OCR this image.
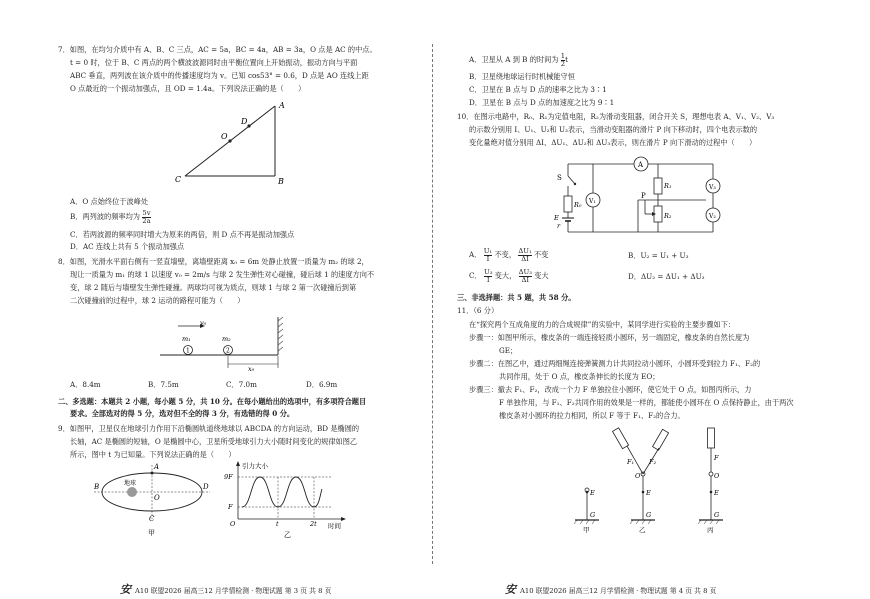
7．如图，在均匀介质中有 A、B、C 三点，AC = 5a，BC = 4a，AB = 3a，O 点是 AC 的中点。
t = 0 时，位于 B、C 两点的两个横波波源同时由平衡位置向上开始振动，振动方向与平面
ABC 垂直，两列波在该介质中的传播速度均为 v。已知 cos53° = 0.6，D 点是 AO 连线上距
O 点最近的一个振动加强点，且 OD = 1.4a。下列说法正确的是（　　）
A
O
D
C	B
A．O 点始终位于波峰处
B．两列波的频率均为 $\frac{5v}{2a}$
C．若两波源的频率同时增大为原来的两倍，则 D 点不再是振动加强点
D．AC 连线上共有 5 个振动加强点
8．如图，光滑水平面右侧有一竖直墙壁，离墙壁距离 x₀ = 6m 处静止放置一质量为 m₂ 的球 2，
现让一质量为 m₁ 的球 1 以速度 v₀ = 2m/s 与球 2 发生弹性对心碰撞，碰后球 1 的速度方向不
变，球 2 随后与墙壁发生弹性碰撞。两球均可视为质点，则球 1 与球 2 第一次碰撞后到第
二次碰撞前的过程中，球 2 运动的路程可能为（　　）
v₀
m₁	m₂
1	2
x₀
A．8.4m	B．7.5m	C．7.0m	D．6.9m
二、多选题：本题共 2 小题，每小题 5 分，共 10 分。在每小题给出的选项中，有多项符合题目
要求。全部选对的得 5 分，选对但不全的得 3 分，有选错的得 0 分。
9．如图甲，卫星仅在地球引力作用下沿椭圆轨道绕地球以 ABCDA 的方向运动，BD 是椭圆的
长轴，AC 是椭圆的短轴，O 是椭圆中心，卫星所受地球引力大小随时间变化的规律如图乙
所示，图中 t 为已知量。下列说法正确的是（　　）
A
B	D
O
C
地球
甲
引力大小
9F
F
O	t	2t 时间
乙
安 A10 联盟2026 届高三12 月学情检测 · 物理试题 第 3 页 共 8 页
A．卫星从 A 到 B 的时间为 $\frac{1}{2}$ t
B．卫星绕地球运行时机械能守恒
C．卫星在 B 点与 D 点的速率之比为 3∶1
D．卫星在 B 点与 D 点的加速度之比为 9∶1
10．在图示电路中，R₀、R₁为定值电阻，R₂为滑动变阻器，闭合开关 S，理想电表 A、V₁、V₂、V₃
的示数分别用 I、U₁、U₂和 U₃表示，当滑动变阻器的滑片 P 向下移动时，四个电表示数的
变化量绝对值分别用 ΔI、ΔU₁、ΔU₂和 ΔU₃表示，则在滑片 P 向下滑动的过程中（　　）
S
A
R₁
V₁
V₃
V₂
P
R₂
R₀
E
r
A． $\frac{\text{U₁}}{I}$ 不变， $\frac{\text{ΔU₁}}{\Delta I}$ 不变	B．U₂ = U₁ + U₃
C． $\frac{\text{U₃}}{I}$ 变大， $\frac{\text{ΔU₃}}{\Delta I}$ 变大	D．ΔU₂ = ΔU₁ + ΔU₃
三、非选择题：共 5 题，共 58 分。
11．（6 分）
在“探究两个互成角度的力的合成规律”的实验中，某同学进行实验的主要步骤如下：
步骤一：如图甲所示，橡皮条的一端连接轻质小圆环，另一端固定，橡皮条的自然长度为
GE；
步骤二：在图乙中，通过两细绳连接弹簧测力计共同拉动小圆环，小圆环受到拉力 F₁、F₂的
共同作用，处于 O 点，橡皮条伸长的长度为 EO；
步骤三：撤去 F₁、F₂，改成一个力 F 单独拉住小圆环，使它处于 O 点，如图丙所示，力
F 单独作用，与 F₁、F₂共同作用的效果是一样的，都能使小圆环在 O 点保持静止，由于两次
橡皮条对小圆环的拉力相同，所以 F 等于 F₁、F₂的合力。
F₁ F₂	F
O	O
E	E	E
G	G	G
甲	乙	丙
安 A10 联盟2026 届高三12 月学情检测 · 物理试题 第 4 页 共 8 页
